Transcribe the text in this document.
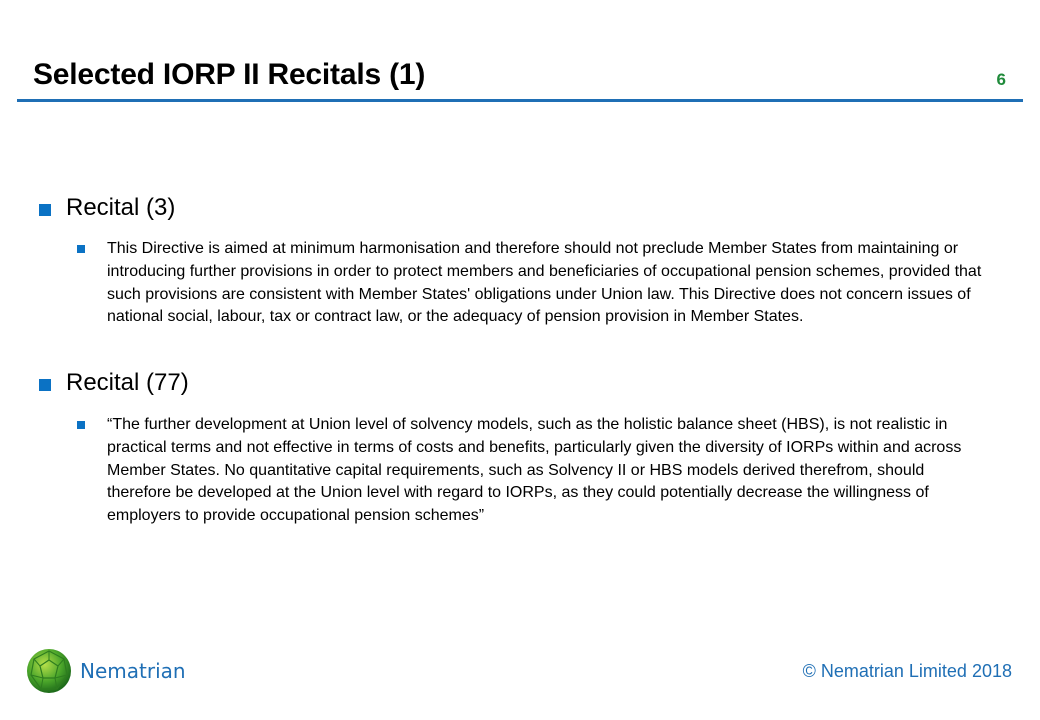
Selected IORP II Recitals (1)	6
Recital (3)
This Directive is aimed at minimum harmonisation and therefore should not preclude Member States from maintaining or introducing further provisions in order to protect members and beneficiaries of occupational pension schemes, provided that such provisions are consistent with Member States' obligations under Union law. This Directive does not concern issues of national social, labour, tax or contract law, or the adequacy of pension provision in Member States.
Recital (77)
“The further development at Union level of solvency models, such as the holistic balance sheet (HBS), is not realistic in practical terms and not effective in terms of costs and benefits, particularly given the diversity of IORPs within and across Member States. No quantitative capital requirements, such as Solvency II or HBS models derived therefrom, should therefore be developed at the Union level with regard to IORPs, as they could potentially decrease the willingness of employers to provide occupational pension schemes”
Nematrian	© Nematrian Limited 2018
